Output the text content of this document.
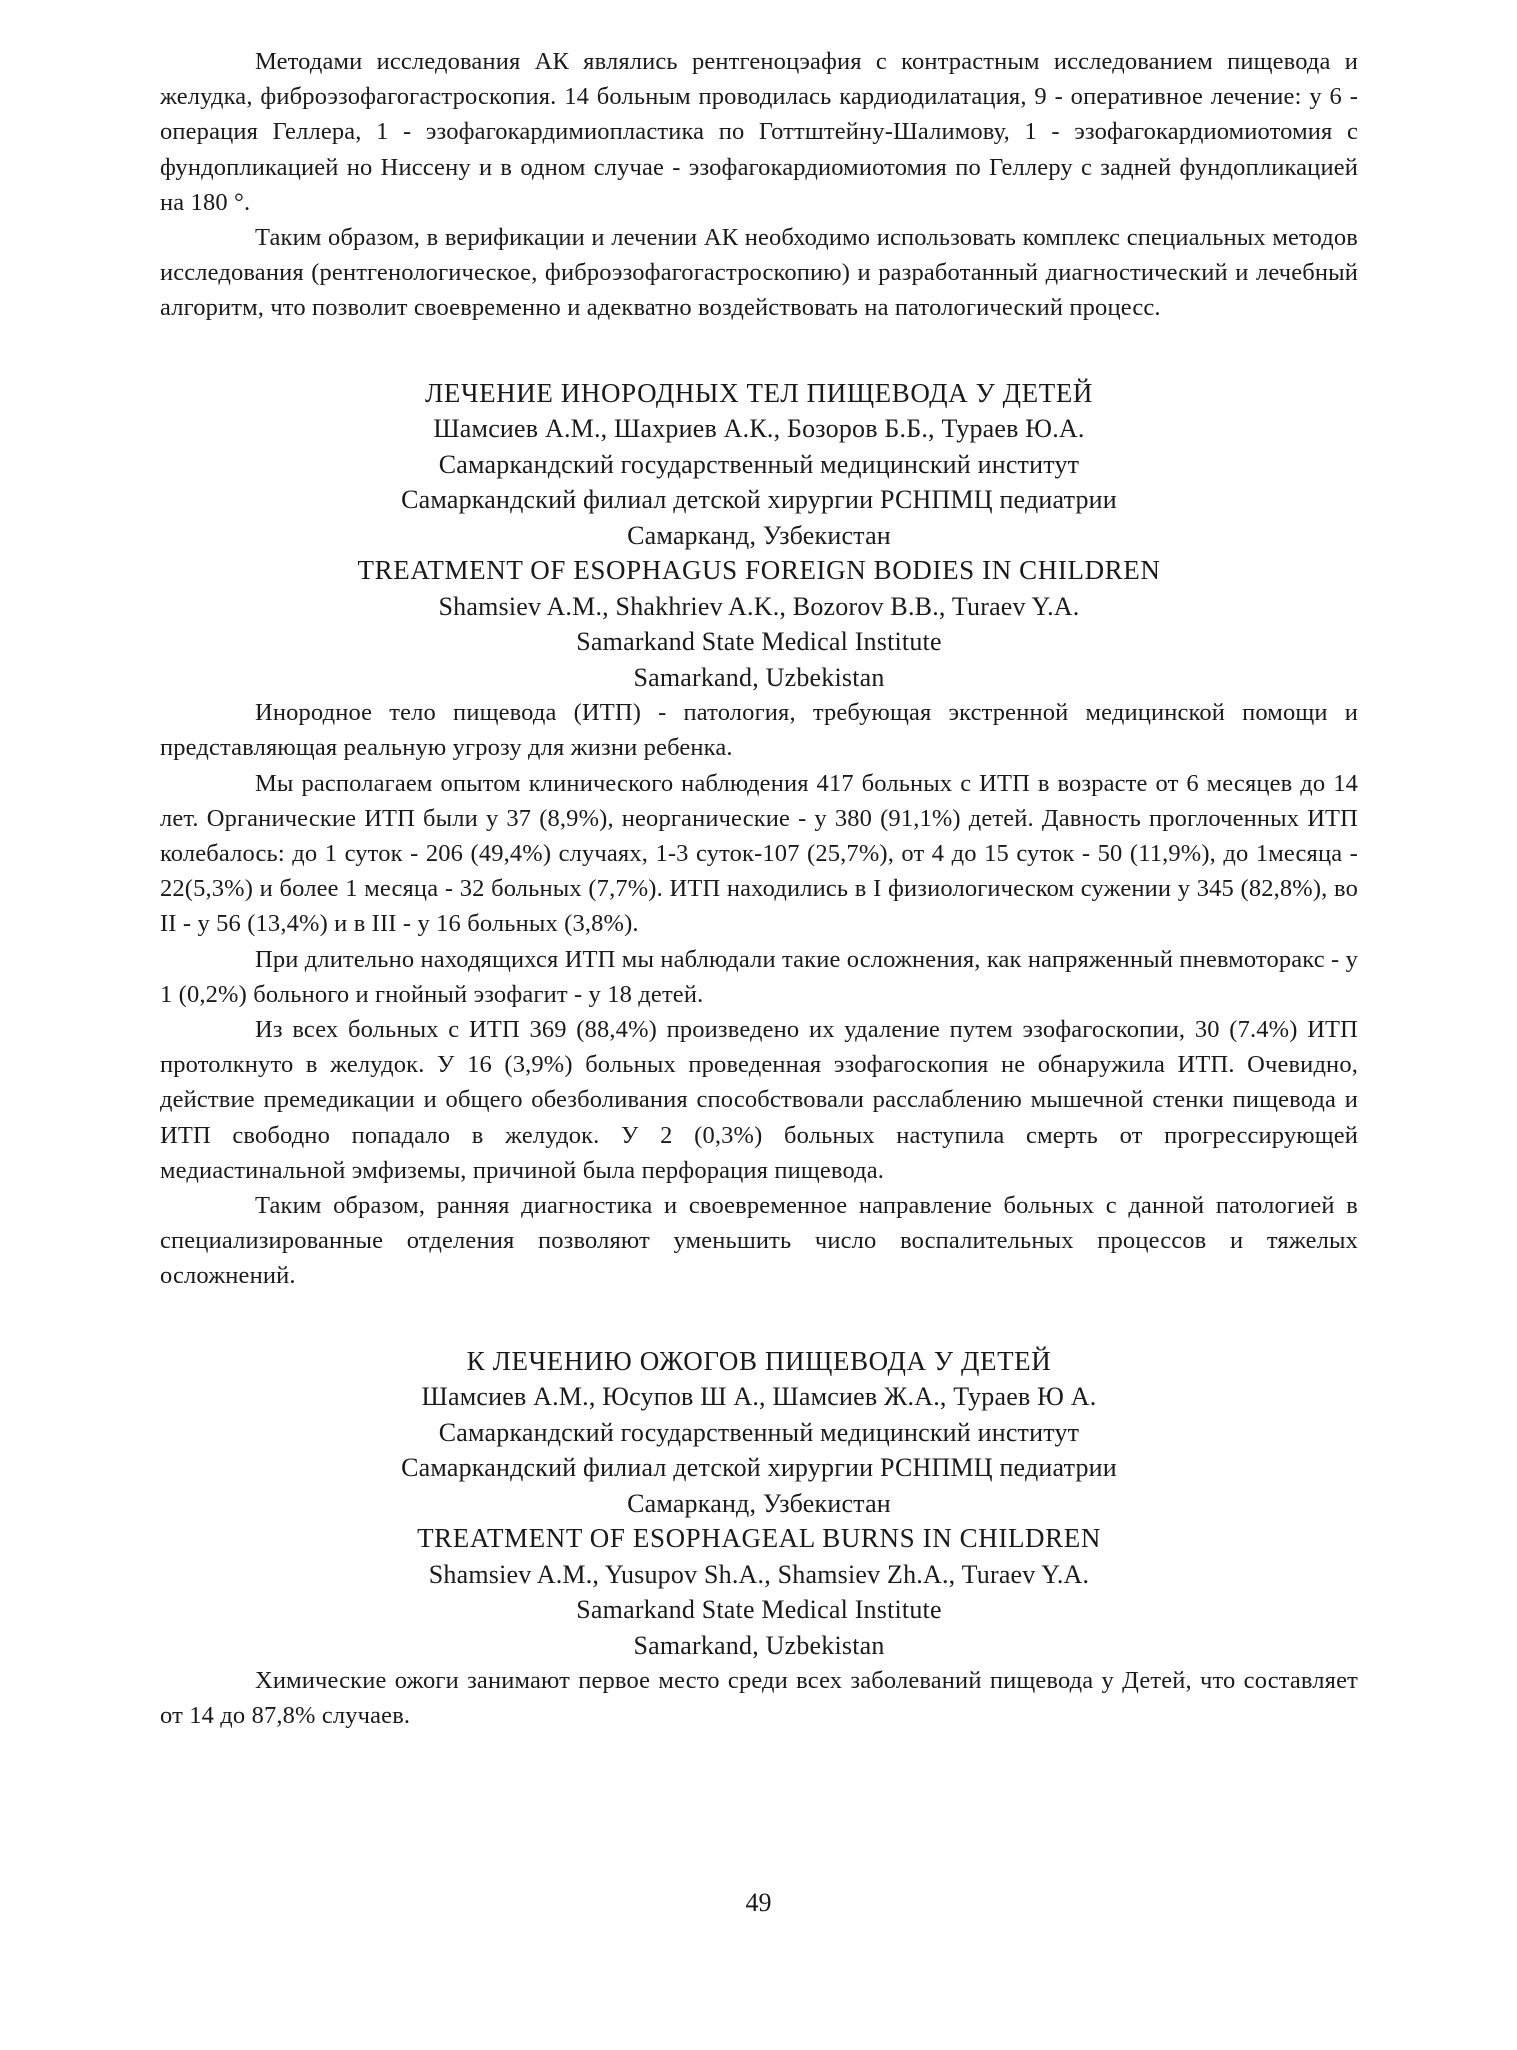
Методами исследования АК являлись рентгеноцэафия с контрастным исследованием пищевода и желудка, фиброэзофагогастроскопия. 14 больным проводилась кардиодилатация, 9 - оперативное лечение: у 6 - операция Геллера, 1 - эзофагокардимиопластика по Готтштейну-Шалимову, 1 - эзофагокардиомиотомия с фундопликацией но Ниссену и в одном случае - эзофагокардиомиотомия по Геллеру с задней фундопликацией на 180 °.

Таким образом, в верификации и лечении АК необходимо использовать комплекс специальных методов исследования (рентгенологическое, фиброэзофагогастроскопию) и разработанный диагностический и лечебный алгоритм, что позволит своевременно и адекватно воздействовать на патологический процесс.

ЛЕЧЕНИЕ ИНОРОДНЫХ ТЕЛ ПИЩЕВОДА У ДЕТЕЙ

Шамсиев А.М., Шахриев А.К., Бозоров Б.Б., Тураев Ю.А.

Самаркандский государственный медицинский институт

Самаркандский филиал детской хирургии РСНПМЦ педиатрии

Самарканд, Узбекистан

TREATMENT OF ESOPHAGUS FOREIGN BODIES IN CHILDREN

Shamsiev A.M., Shakhriev A.K., Bozorov B.B., Turaev Y.A.

Samarkand State Medical Institute

Samarkand, Uzbekistan

Инородное тело пищевода (ИТП) - патология, требующая экстренной медицинской помощи и представляющая реальную угрозу для жизни ребенка.

Мы располагаем опытом клинического наблюдения 417 больных с ИТП в возрасте от 6 месяцев до 14 лет. Органические ИТП были у 37 (8,9%), неорганические - у 380 (91,1%) детей. Давность проглоченных ИТП колебалось: до 1 суток - 206 (49,4%) случаях, 1-3 суток-107 (25,7%), от 4 до 15 суток - 50 (11,9%), до 1месяца - 22(5,3%) и более 1 месяца - 32 больных (7,7%). ИТП находились в I физиологическом сужении у 345 (82,8%), во II - у 56 (13,4%) и в III - у 16 больных (3,8%).

При длительно находящихся ИТП мы наблюдали такие осложнения, как напряженный пневмоторакс - у 1 (0,2%) больного и гнойный эзофагит - у 18 детей.

Из всех больных с ИТП 369 (88,4%) произведено их удаление путем эзофагоскопии, 30 (7.4%) ИТП протолкнуто в желудок. У 16 (3,9%) больных проведенная эзофагоскопия не обнаружила ИТП. Очевидно, действие премедикации и общего обезболивания способствовали расслаблению мышечной стенки пищевода и ИТП свободно попадало в желудок. У 2 (0,3%) больных наступила смерть от прогрессирующей медиастинальной эмфиземы, причиной была перфорация пищевода.

Таким образом, ранняя диагностика и своевременное направление больных с данной патологией в специализированные отделения позволяют уменьшить число воспалительных процессов и тяжелых осложнений.

К ЛЕЧЕНИЮ ОЖОГОВ ПИЩЕВОДА У ДЕТЕЙ

Шамсиев А.М., Юсупов Ш А., Шамсиев Ж.А., Тураев Ю А.

Самаркандский государственный медицинский институт

Самаркандский филиал детской хирургии РСНПМЦ педиатрии

Самарканд, Узбекистан

TREATMENT OF ESOPHAGEAL BURNS IN CHILDREN

Shamsiev A.M., Yusupov Sh.A., Shamsiev Zh.A., Turaev Y.A.

Samarkand State Medical Institute

Samarkand, Uzbekistan

Химические ожоги занимают первое место среди всех заболеваний пищевода у Детей, что составляет от 14 до 87,8% случаев.

49
